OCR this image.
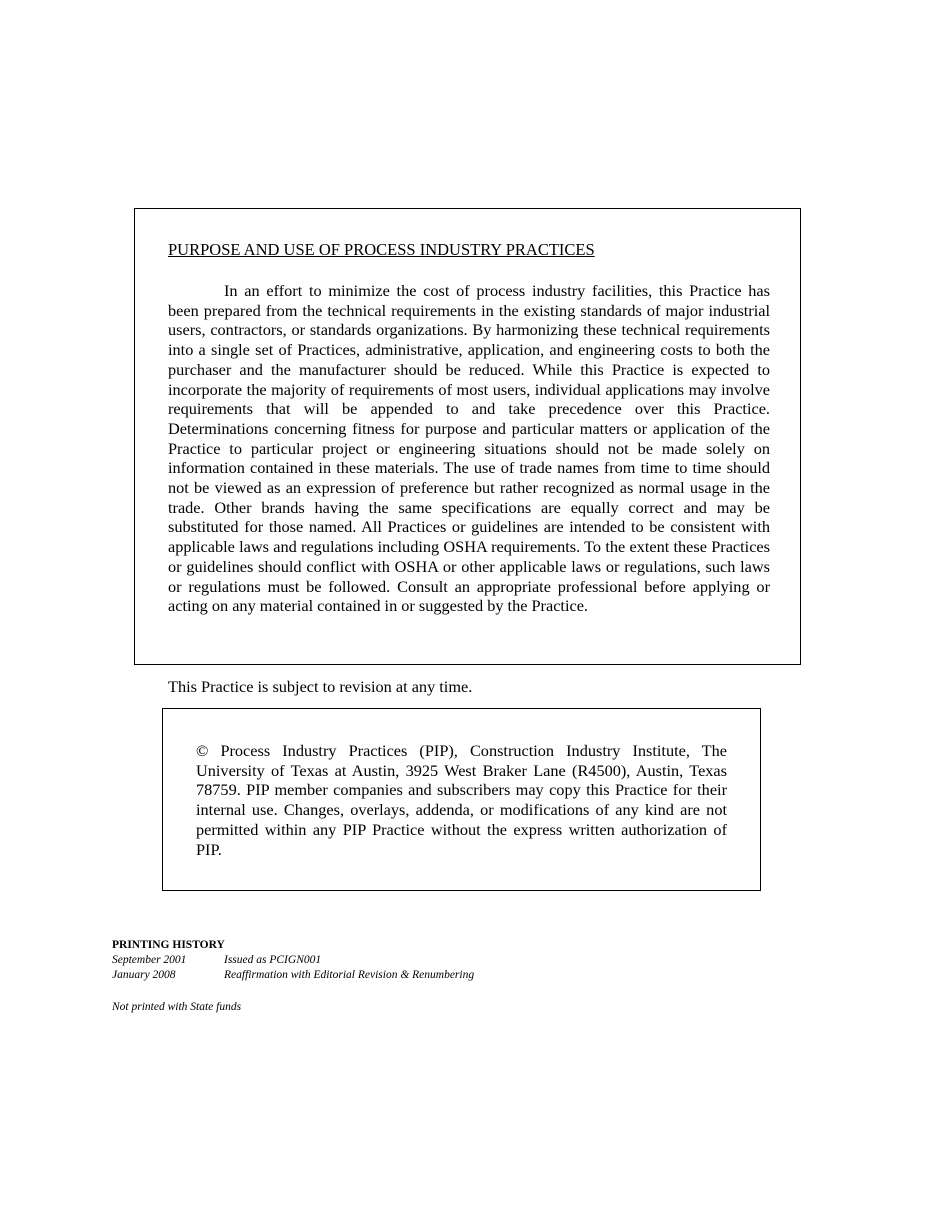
PURPOSE AND USE OF PROCESS INDUSTRY PRACTICES

In an effort to minimize the cost of process industry facilities, this Practice has been prepared from the technical requirements in the existing standards of major industrial users, contractors, or standards organizations. By harmonizing these technical requirements into a single set of Practices, administrative, application, and engineering costs to both the purchaser and the manufacturer should be reduced. While this Practice is expected to incorporate the majority of requirements of most users, individual applications may involve requirements that will be appended to and take precedence over this Practice. Determinations concerning fitness for purpose and particular matters or application of the Practice to particular project or engineering situations should not be made solely on information contained in these materials. The use of trade names from time to time should not be viewed as an expression of preference but rather recognized as normal usage in the trade. Other brands having the same specifications are equally correct and may be substituted for those named. All Practices or guidelines are intended to be consistent with applicable laws and regulations including OSHA requirements. To the extent these Practices or guidelines should conflict with OSHA or other applicable laws or regulations, such laws or regulations must be followed. Consult an appropriate professional before applying or acting on any material contained in or suggested by the Practice.

This Practice is subject to revision at any time.

© Process Industry Practices (PIP), Construction Industry Institute, The University of Texas at Austin, 3925 West Braker Lane (R4500), Austin, Texas 78759. PIP member companies and subscribers may copy this Practice for their internal use. Changes, overlays, addenda, or modifications of any kind are not permitted within any PIP Practice without the express written authorization of PIP.

PRINTING HISTORY
September 2001	Issued as PCIGN001
January 2008	Reaffirmation with Editorial Revision & Renumbering
Not printed with State funds
